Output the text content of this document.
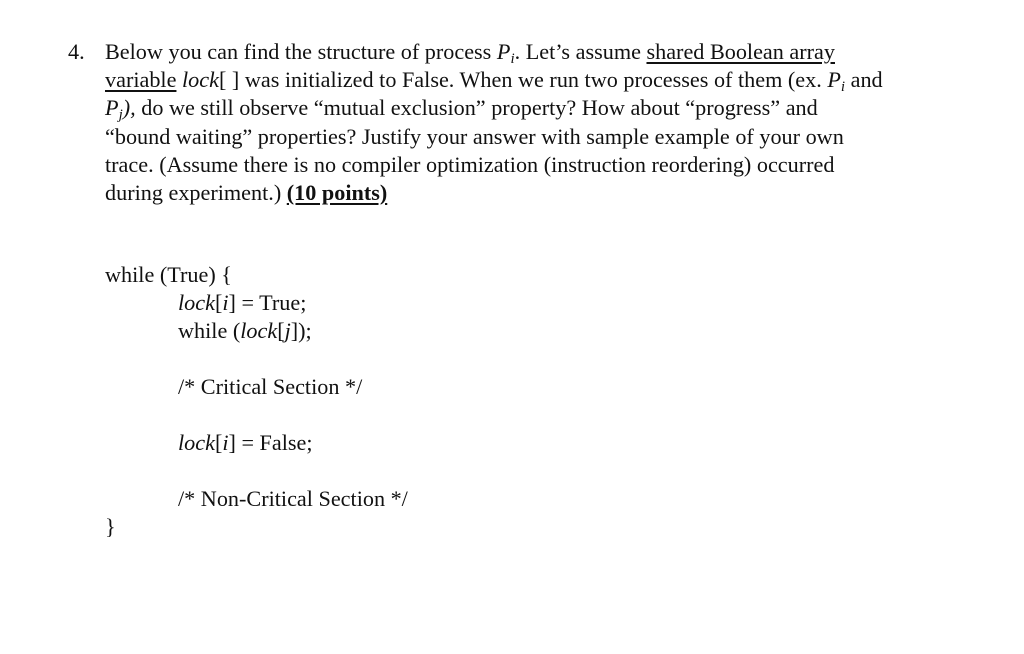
4. Below you can find the structure of process $P_i$. Let’s assume shared Boolean array
variable lock[ ] was initialized to False. When we run two processes of them (ex. $P_i$ and
$P_j$), do we still observe “mutual exclusion” property? How about “progress” and
“bound waiting” properties? Justify your answer with sample example of your own
trace. (Assume there is no compiler optimization (instruction reordering) occurred
during experiment.) (10 points)
while (True) {
lock[i] = True;
while (lock[j]);
/* Critical Section */
lock[i] = False;
/* Non-Critical Section */
}
